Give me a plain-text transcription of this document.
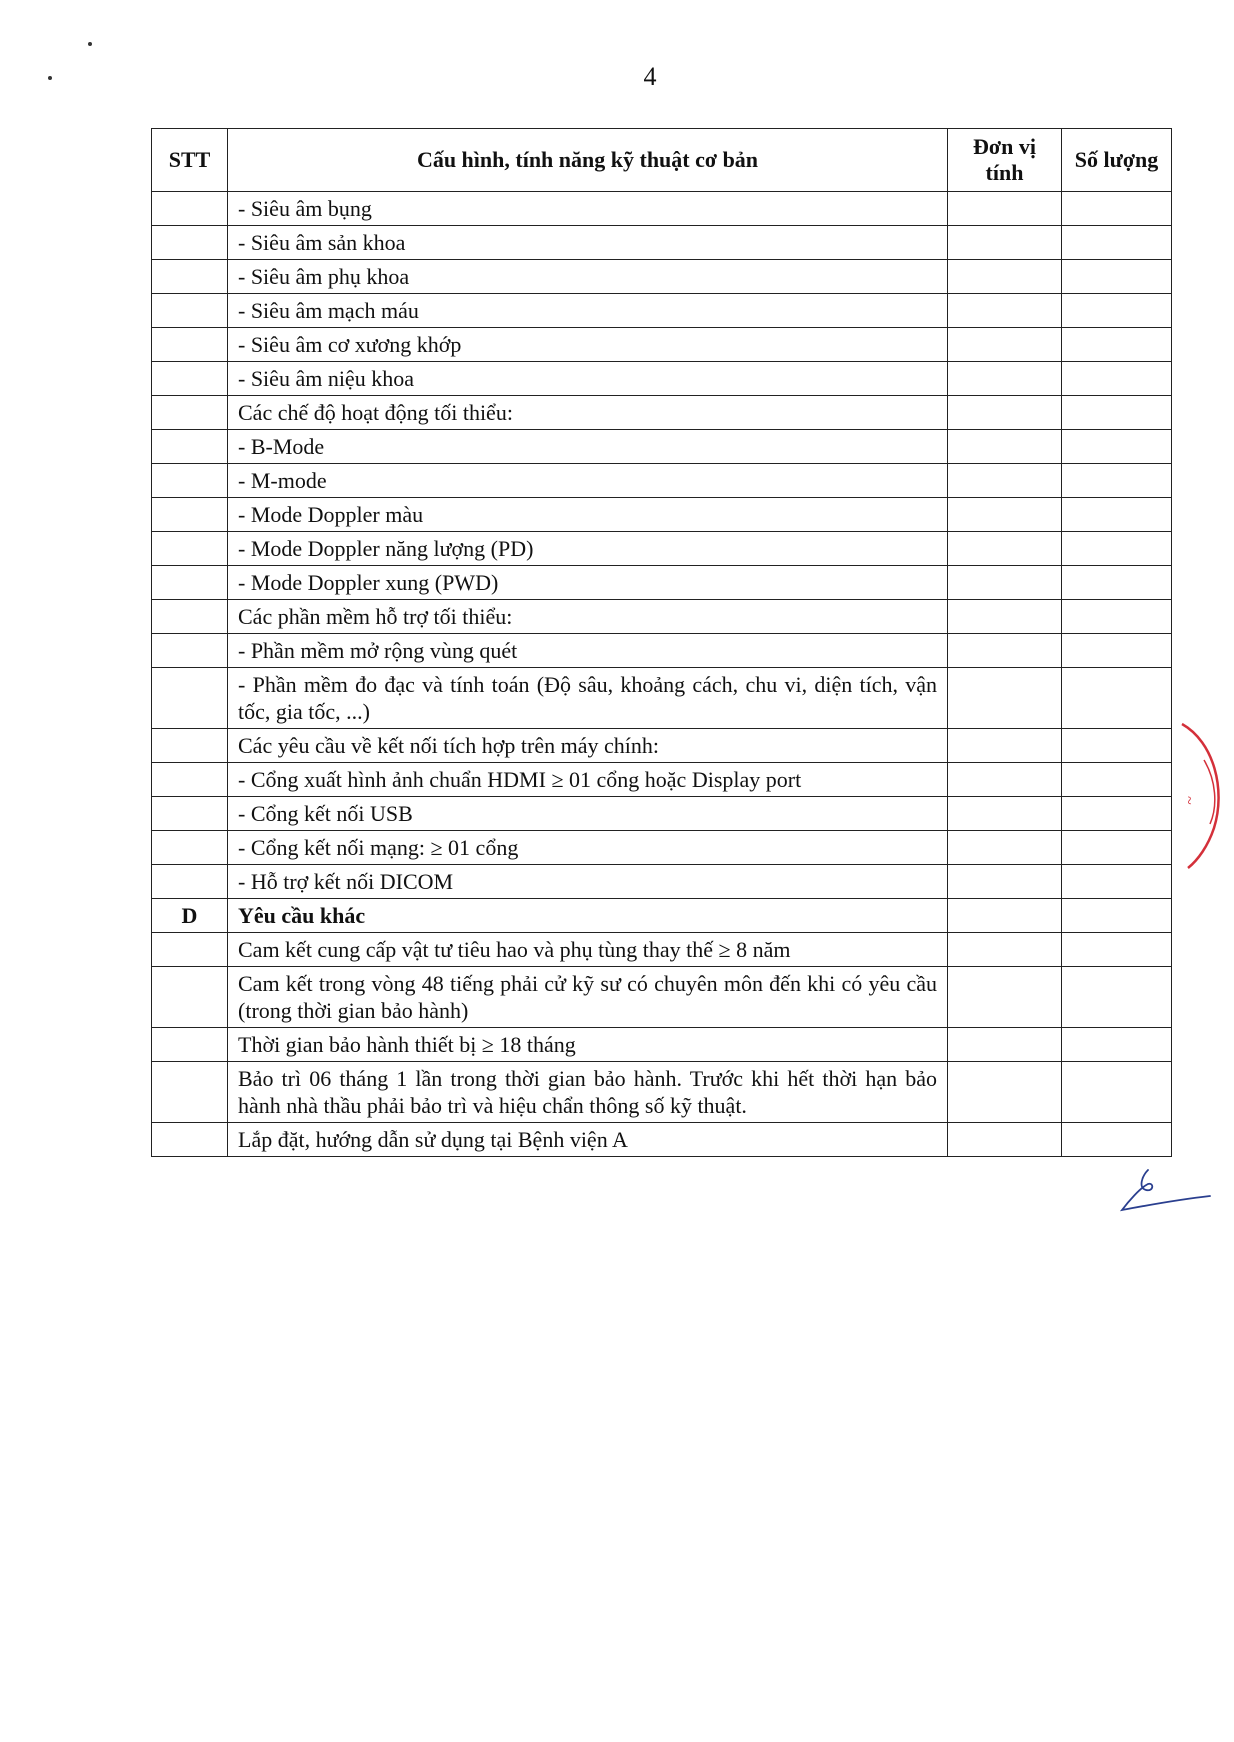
4
STT	Cấu hình, tính năng kỹ thuật cơ bản	Đơn vị tính	Số lượng
	- Siêu âm bụng		
	- Siêu âm sản khoa		
	- Siêu âm phụ khoa		
	- Siêu âm mạch máu		
	- Siêu âm cơ xương khớp		
	- Siêu âm niệu khoa		
	Các chế độ hoạt động tối thiểu:		
	- B-Mode		
	- M-mode		
	- Mode Doppler màu		
	- Mode Doppler năng lượng (PD)		
	- Mode Doppler xung (PWD)		
	Các phần mềm hỗ trợ tối thiểu:		
	- Phần mềm mở rộng vùng quét		
	- Phần mềm đo đạc và tính toán (Độ sâu, khoảng cách, chu vi, diện tích, vận tốc, gia tốc, ...)		
	Các yêu cầu về kết nối tích hợp trên máy chính:		
	- Cổng xuất hình ảnh chuẩn HDMI ≥ 01 cổng hoặc Display port		
	- Cổng kết nối USB		
	- Cổng kết nối mạng: ≥ 01 cổng		
	- Hỗ trợ kết nối DICOM		
D	Yêu cầu khác		
	Cam kết cung cấp vật tư tiêu hao và phụ tùng thay thế ≥ 8 năm		
	Cam kết trong vòng 48 tiếng phải cử kỹ sư có chuyên môn đến khi có yêu cầu (trong thời gian bảo hành)		
	Thời gian bảo hành thiết bị ≥ 18 tháng		
	Bảo trì 06 tháng 1 lần trong thời gian bảo hành. Trước khi hết thời hạn bảo hành nhà thầu phải bảo trì và hiệu chẩn thông số kỹ thuật.		
	Lắp đặt, hướng dẫn sử dụng tại Bệnh viện A		
~
